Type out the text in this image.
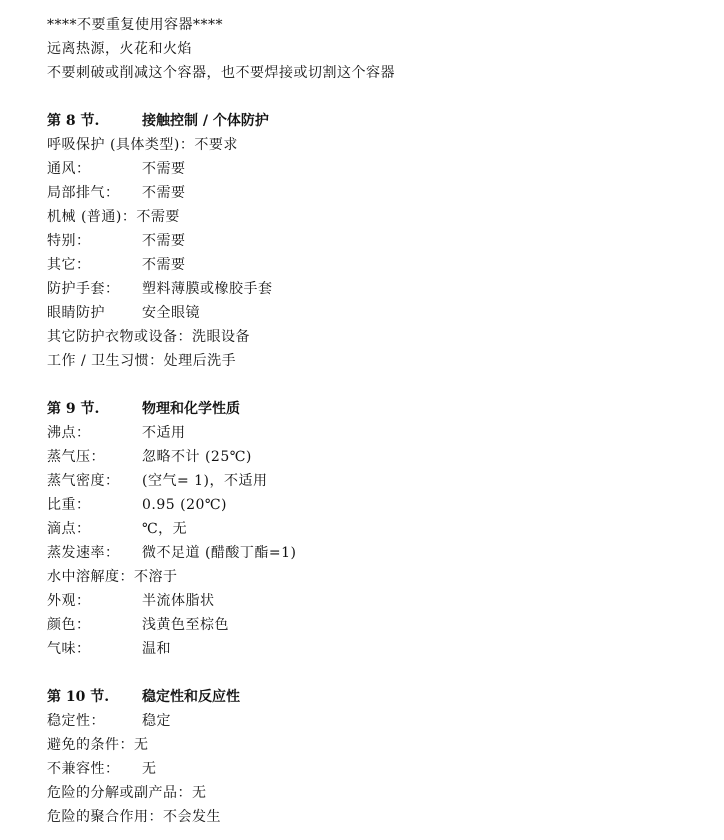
****不要重复使用容器****
远离热源，火花和火焰
不要刺破或削减这个容器，也不要焊接或切割这个容器
第 8 节.	接触控制 / 个体防护
呼吸保护 (具体类型)： 不要求
通风：	不需要
局部排气：	不需要
机械 (普通)： 不需要
特别：	不需要
其它：	不需要
防护手套：	塑料薄膜或橡胶手套
眼睛防护	安全眼镜
其它防护衣物或设备： 洗眼设备
工作 / 卫生习惯： 处理后洗手
第 9 节.	物理和化学性质
沸点：	不适用
蒸气压：	忽略不计 (25℃)
蒸气密度：	(空气= 1)，不适用
比重：	0.95 (20℃)
滴点：	℃，无
蒸发速率：	微不足道 (醋酸丁酯=1)
水中溶解度： 不溶于
外观：	半流体脂状
颜色：	浅黄色至棕色
气味：	温和
第 10 节.	稳定性和反应性
稳定性：	稳定
避免的条件： 无
不兼容性：	无
危险的分解或副产品： 无
危险的聚合作用： 不会发生
